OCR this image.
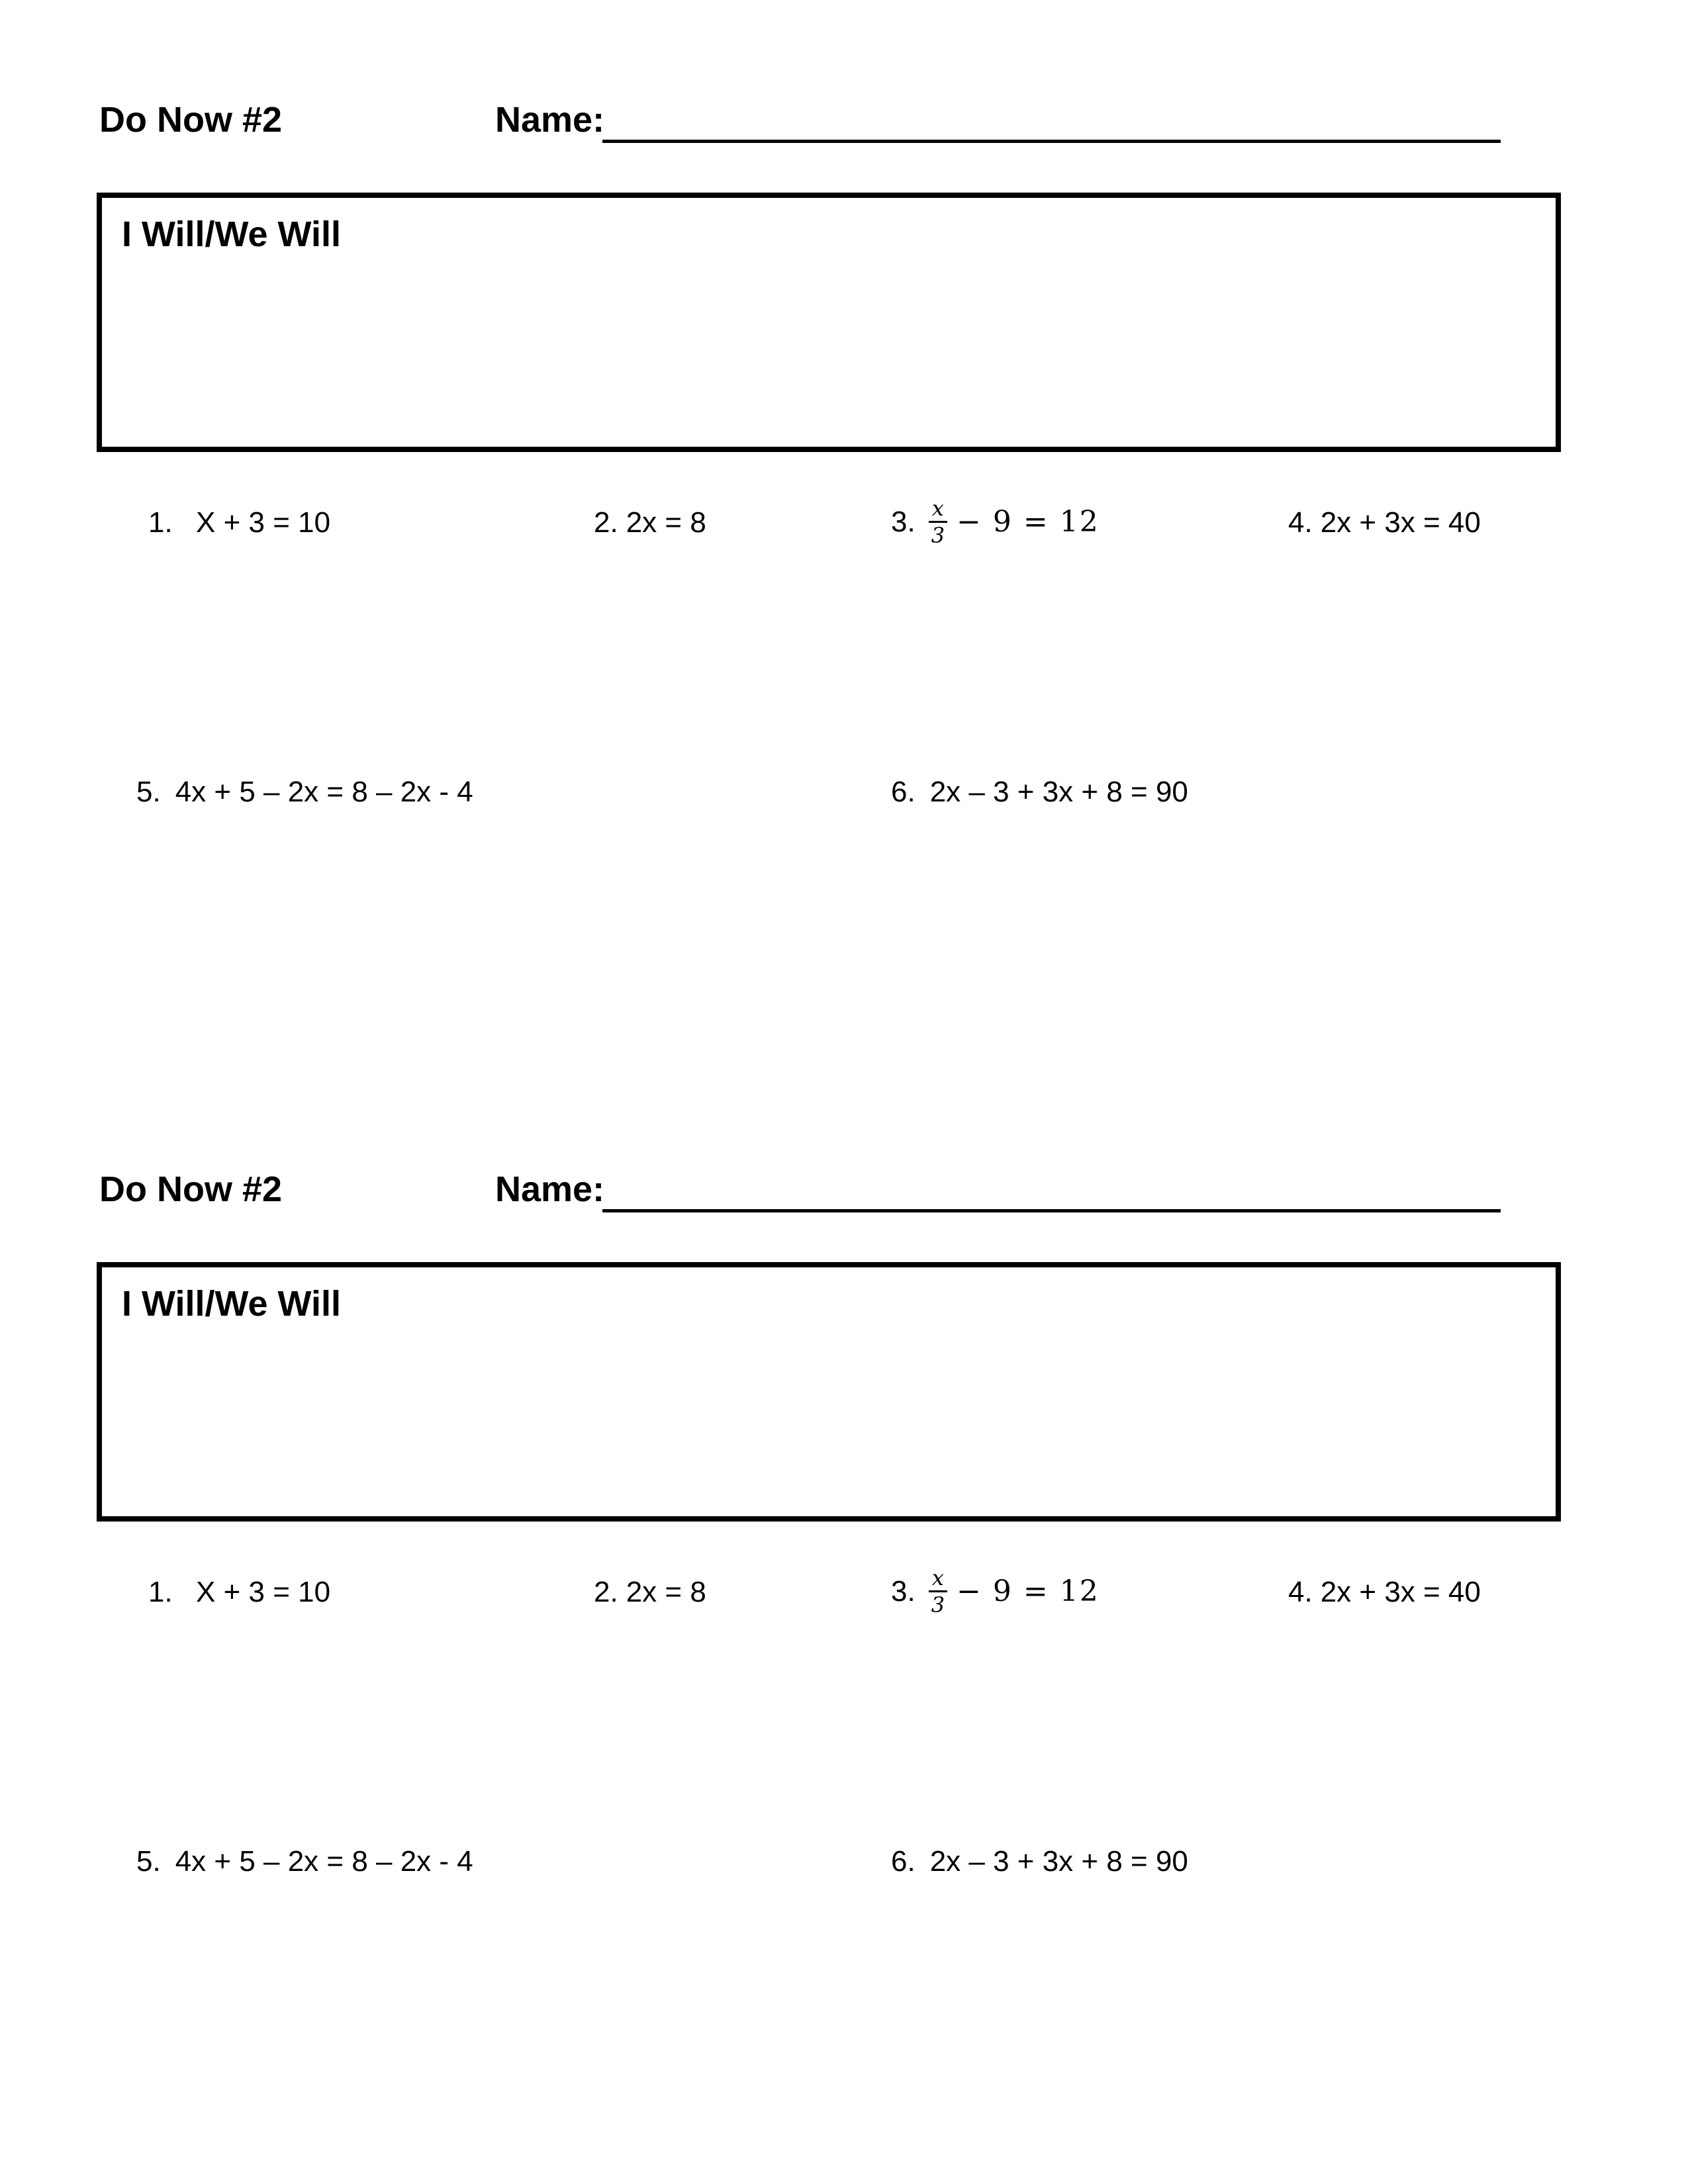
Do Now #2	Name:
I Will/We Will
1. X + 3 = 10	2. 2x = 8	3. $\frac{x}{3} - 9 = 12$	4. 2x + 3x = 40
5. 4x + 5 – 2x = 8 – 2x - 4	6. 2x – 3 + 3x + 8 = 90
Do Now #2	Name:
I Will/We Will
1. X + 3 = 10	2. 2x = 8	3. $\frac{x}{3} - 9 = 12$	4. 2x + 3x = 40
5. 4x + 5 – 2x = 8 – 2x - 4	6. 2x – 3 + 3x + 8 = 90
